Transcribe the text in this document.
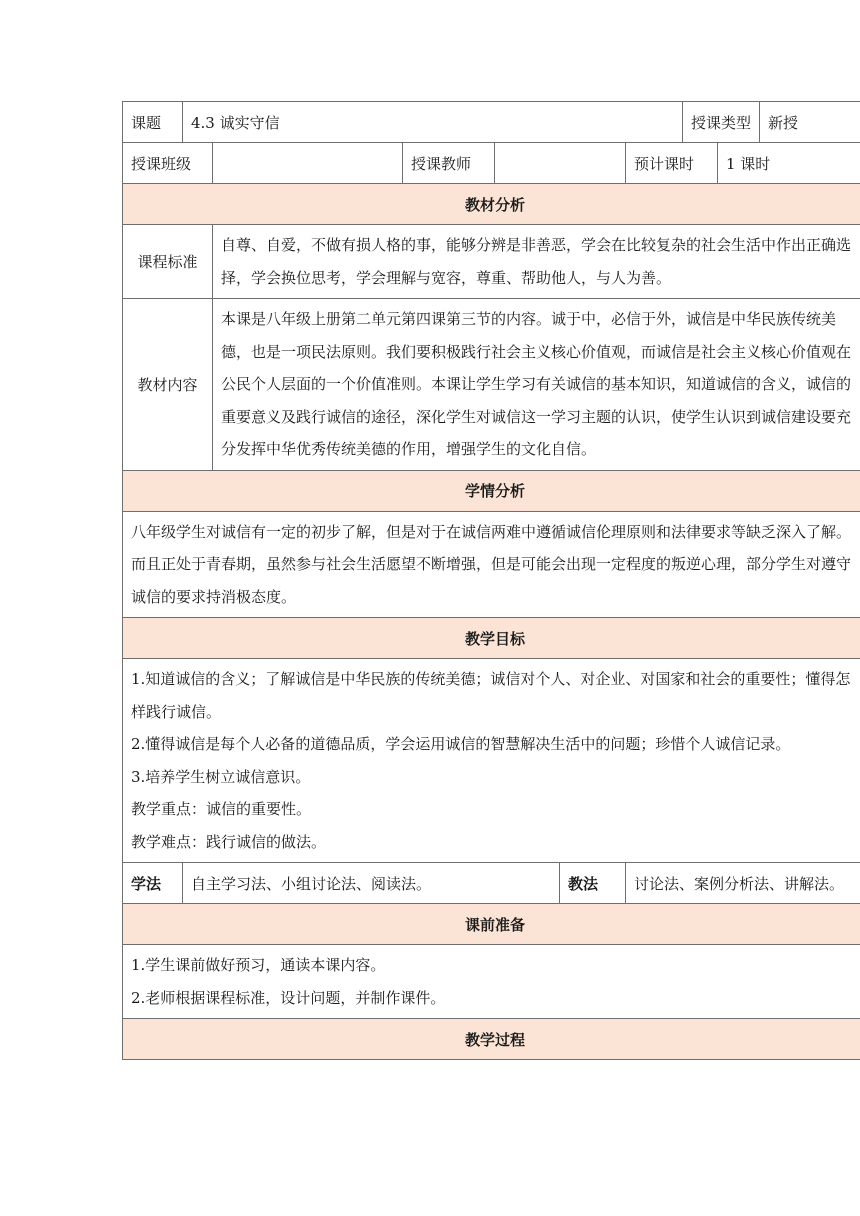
课题	4.3 诚实守信						授课类型		新授
授课班级			授课教师			预计课时		1 课时	
教材分析									
课程标准		自尊、自爱，不做有损人格的事，能够分辨是非善恶，学会在比较复杂的社会生活中作出正确选择，学会换位思考，学会理解与宽容，尊重、帮助他人，与人为善。							
教材内容		本课是八年级上册第二单元第四课第三节的内容。诚于中，必信于外，诚信是中华民族传统美德，也是一项民法原则。我们要积极践行社会主义核心价值观，而诚信是社会主义核心价值观在公民个人层面的一个价值准则。本课让学生学习有关诚信的基本知识，知道诚信的含义，诚信的重要意义及践行诚信的途径，深化学生对诚信这一学习主题的认识，使学生认识到诚信建设要充分发挥中华优秀传统美德的作用，增强学生的文化自信。							
学情分析									
八年级学生对诚信有一定的初步了解，但是对于在诚信两难中遵循诚信伦理原则和法律要求等缺乏深入了解。而且正处于青春期，虽然参与社会生活愿望不断增强，但是可能会出现一定程度的叛逆心理，部分学生对遵守诚信的要求持消极态度。									
教学目标									

1.知道诚信的含义；了解诚信是中华民族的传统美德；诚信对个人、对企业、对国家和社会的重要性；懂得怎样践行诚信。

2.懂得诚信是每个人必备的道德品质，学会运用诚信的智慧解决生活中的问题；珍惜个人诚信记录。

3.培养学生树立诚信意识。

教学重点：诚信的重要性。

教学难点：践行诚信的做法。									

学法	自主学习法、小组讨论法、阅读法。				教法	讨论法、案例分析法、讲解法。			
课前准备									

1.学生课前做好预习，通读本课内容。

2.老师根据课程标准，设计问题，并制作课件。									

教学过程									
